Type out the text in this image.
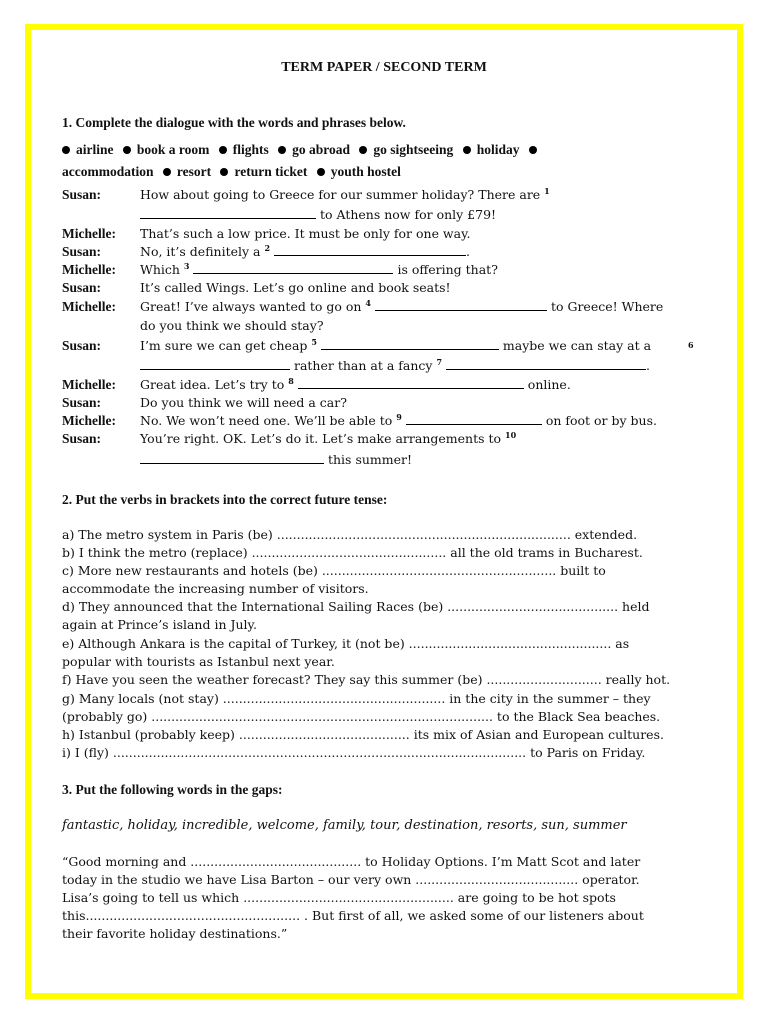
TERM PAPER / SECOND TERM
1. Complete the dialogue with the words and phrases below.
airline book a room flights go abroad go sightseeing holiday
accommodation resort return ticket youth hostel
Susan:	How about going to Greece for our summer holiday? There are $^1$
to Athens now for only £79!
Michelle: That’s such a low price. It must be only for one way.
Susan:	No, it’s definitely a $^2$	.
Michelle: Which $^3$	is offering that?
Susan:	It’s called Wings. Let’s go online and book seats!
Michelle: Great! I’ve always wanted to go on $^4$	to Greece! Where
do you think we should stay?
Susan:	I’m sure we can get cheap $^5$	maybe we can stay at a	6
rather than at a fancy $^7$	.
Michelle: Great idea. Let’s try to $^8$	online.
Susan:	Do you think we will need a car?
Michelle: No. We won’t need one. We’ll be able to $^9$	on foot or by bus.
Susan:	You’re right. OK. Let’s do it. Let’s make arrangements to $^{10}$
this summer!
2. Put the verbs in brackets into the correct future tense:
a) The metro system in Paris (be) .......................................................................... extended.
b) I think the metro (replace) ................................................. all the old trams in Bucharest.
c) More new restaurants and hotels (be) ........................................................... built to
accommodate the increasing number of visitors.
d) They announced that the International Sailing Races (be) ........................................... held
again at Prince’s island in July.
e) Although Ankara is the capital of Turkey, it (not be) ................................................... as
popular with tourists as Istanbul next year.
f) Have you seen the weather forecast? They say this summer (be) ............................. really hot.
g) Many locals (not stay) ........................................................ in the city in the summer – they
(probably go) ...................................................................................... to the Black Sea beaches.
h) Istanbul (probably keep) ........................................... its mix of Asian and European cultures.
i) I (fly) ........................................................................................................ to Paris on Friday.
3. Put the following words in the gaps:
fantastic, holiday, incredible, welcome, family, tour, destination, resorts, sun, summer
“Good morning and ........................................... to Holiday Options. I’m Matt Scot and later
today in the studio we have Lisa Barton – our very own ......................................... operator.
Lisa’s going to tell us which ..................................................... are going to be hot spots
this...................................................... . But first of all, we asked some of our listeners about
their favorite holiday destinations.”
